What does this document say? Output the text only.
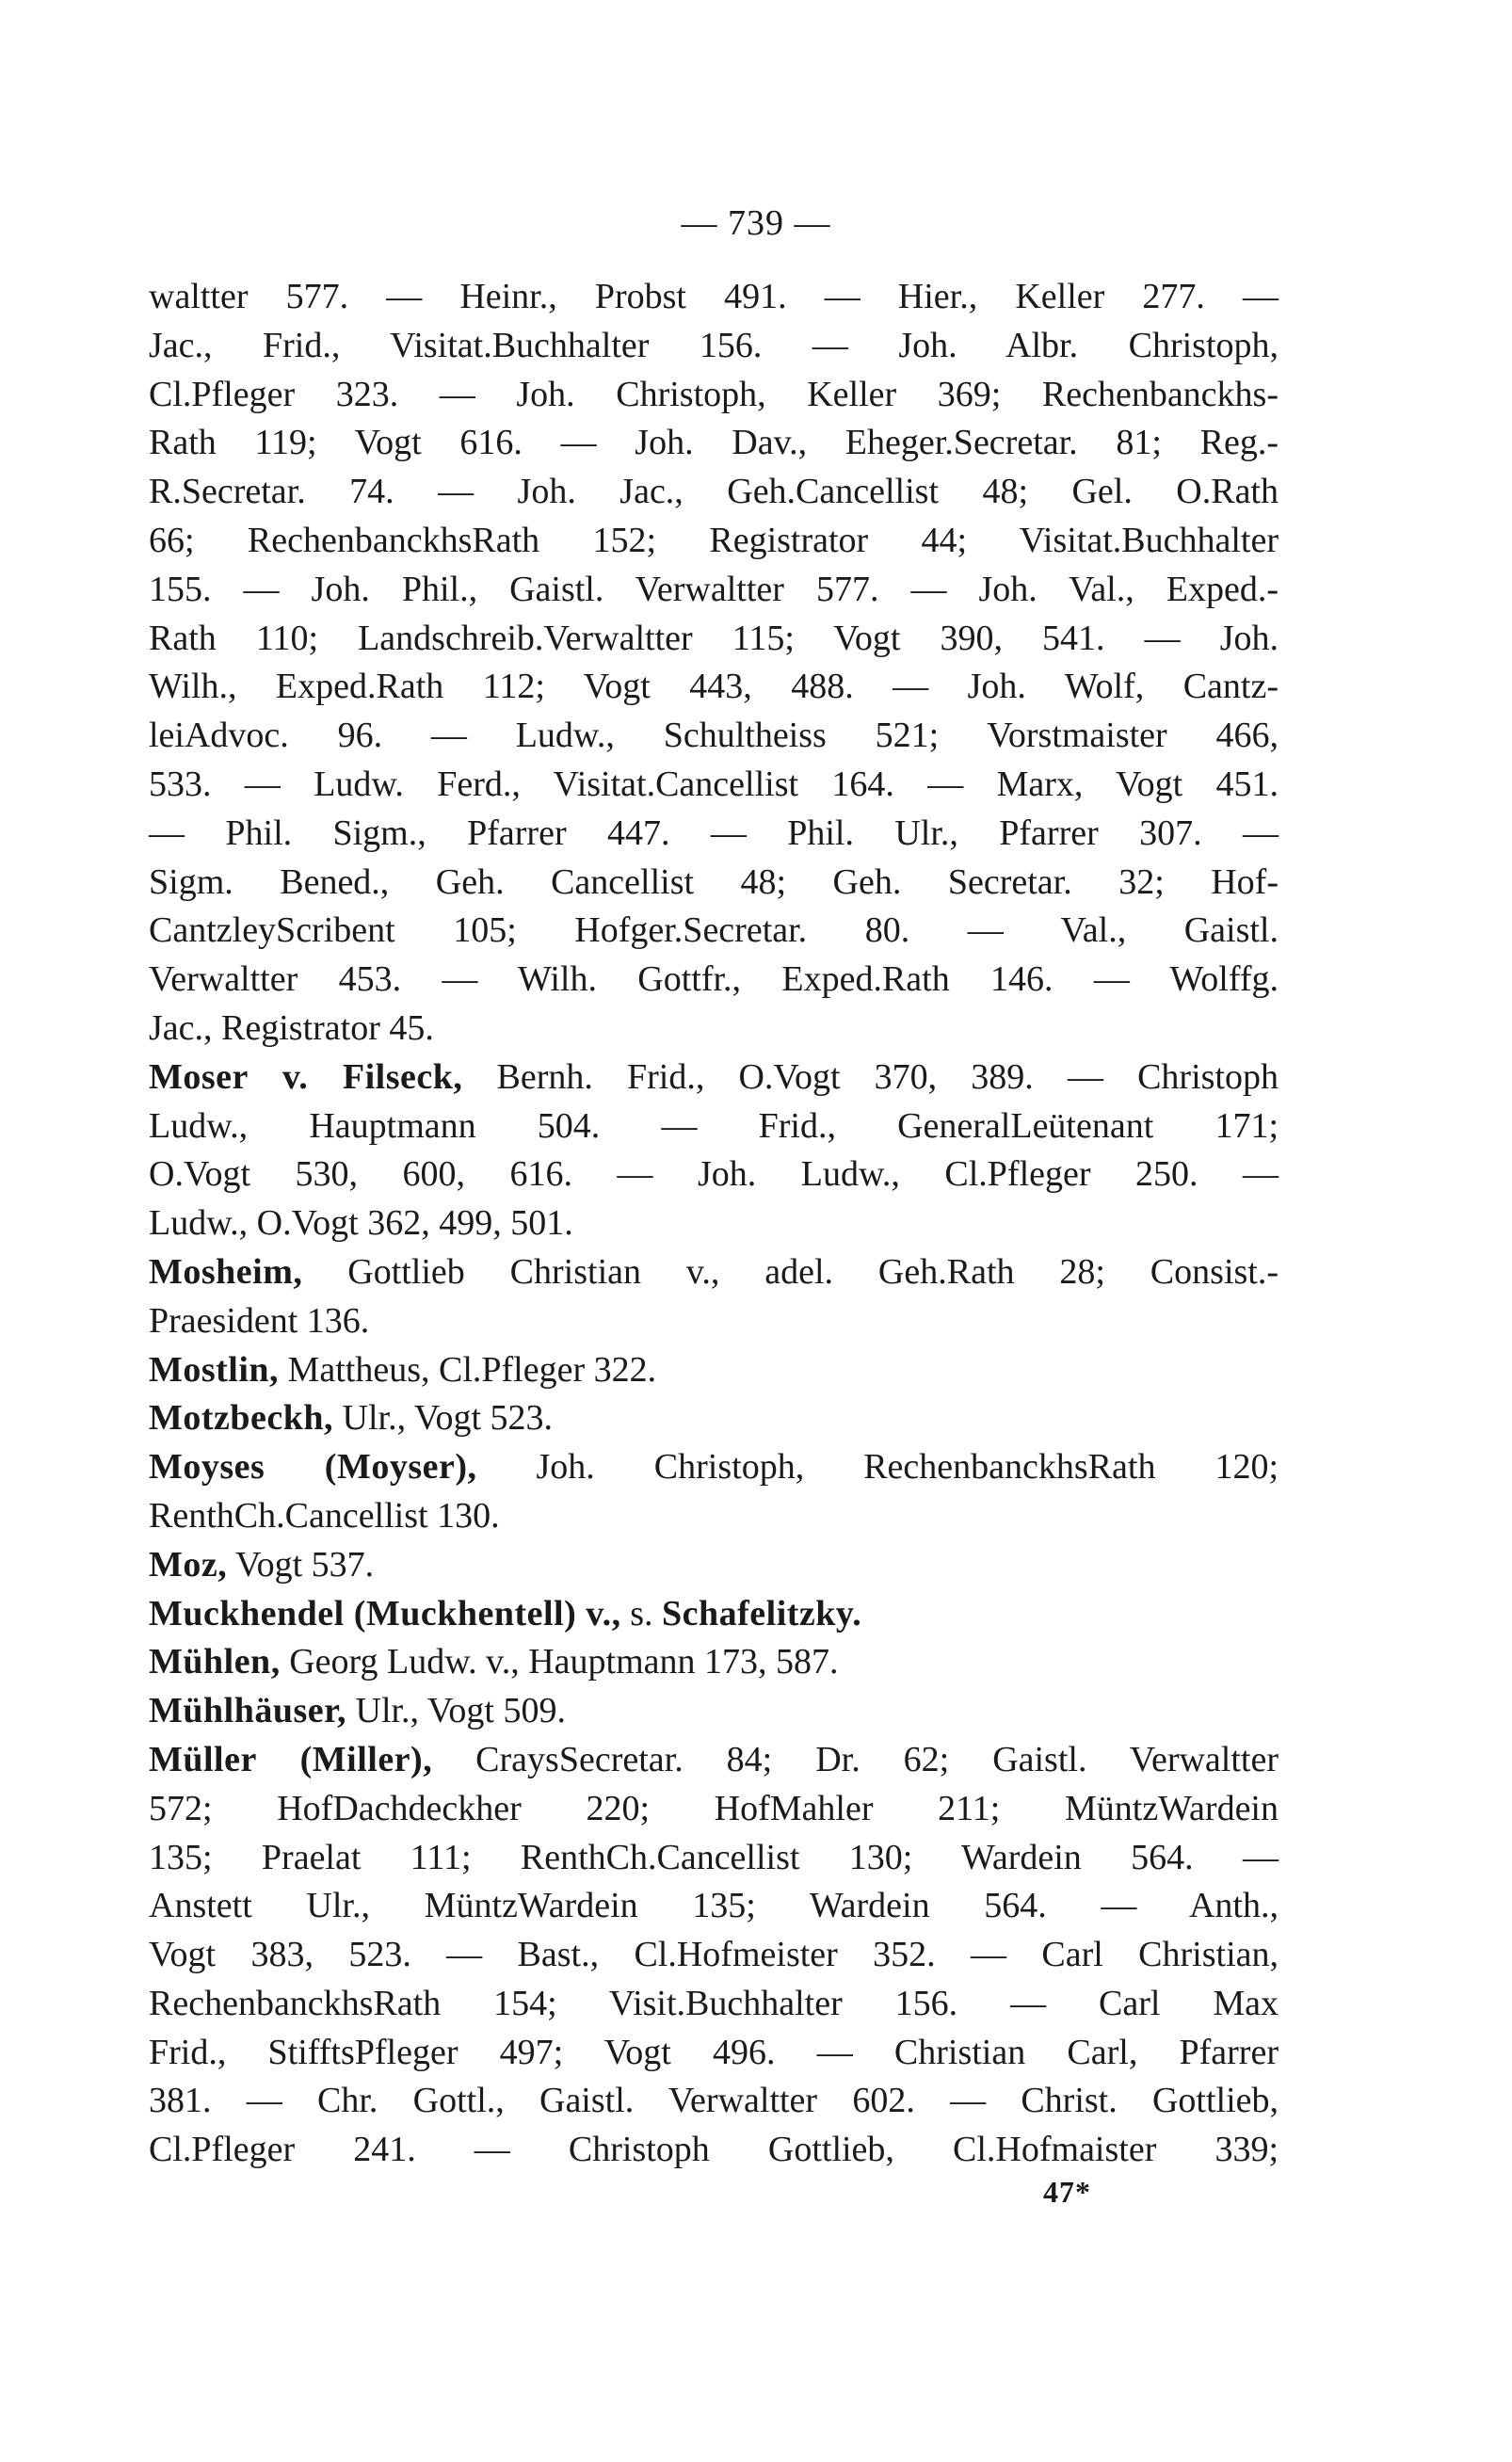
— 739 —
waltter 577. — Heinr., Probst 491. — Hier., Keller 277. —
Jac., Frid., Visitat.Buchhalter 156. — Joh. Albr. Christoph,
Cl.Pfleger 323. — Joh. Christoph, Keller 369; Rechenbanckhs-
Rath 119; Vogt 616. — Joh. Dav., Eheger.Secretar. 81; Reg.-
R.Secretar. 74. — Joh. Jac., Geh.Cancellist 48; Gel. O.Rath
66; RechenbanckhsRath 152; Registrator 44; Visitat.Buchhalter
155. — Joh. Phil., Gaistl. Verwaltter 577. — Joh. Val., Exped.-
Rath 110; Landschreib.Verwaltter 115; Vogt 390, 541. — Joh.
Wilh., Exped.Rath 112; Vogt 443, 488. — Joh. Wolf, Cantz-
leiAdvoc. 96. — Ludw., Schultheiss 521; Vorstmaister 466,
533. — Ludw. Ferd., Visitat.Cancellist 164. — Marx, Vogt 451.
— Phil. Sigm., Pfarrer 447. — Phil. Ulr., Pfarrer 307. —
Sigm. Bened., Geh. Cancellist 48; Geh. Secretar. 32; Hof-
CantzleyScribent 105; Hofger.Secretar. 80. — Val., Gaistl.
Verwaltter 453. — Wilh. Gottfr., Exped.Rath 146. — Wolffg.
Jac., Registrator 45.
Moser v. Filseck, Bernh. Frid., O.Vogt 370, 389. — Christoph
Ludw., Hauptmann 504. — Frid., GeneralLeütenant 171;
O.Vogt 530, 600, 616. — Joh. Ludw., Cl.Pfleger 250. —
Ludw., O.Vogt 362, 499, 501.
Mosheim, Gottlieb Christian v., adel. Geh.Rath 28; Consist.-
Praesident 136.
Mostlin, Mattheus, Cl.Pfleger 322.
Motzbeckh, Ulr., Vogt 523.
Moyses (Moyser), Joh. Christoph, RechenbanckhsRath 120;
RenthCh.Cancellist 130.
Moz, Vogt 537.
Muckhendel (Muckhentell) v., s. Schafelitzky.
Mühlen, Georg Ludw. v., Hauptmann 173, 587.
Mühlhäuser, Ulr., Vogt 509.
Müller (Miller), CraysSecretar. 84; Dr. 62; Gaistl. Verwaltter
572; HofDachdeckher 220; HofMahler 211; MüntzWardein
135; Praelat 111; RenthCh.Cancellist 130; Wardein 564. —
Anstett Ulr., MüntzWardein 135; Wardein 564. — Anth.,
Vogt 383, 523. — Bast., Cl.Hofmeister 352. — Carl Christian,
RechenbanckhsRath 154; Visit.Buchhalter 156. — Carl Max
Frid., StifftsPfleger 497; Vogt 496. — Christian Carl, Pfarrer
381. — Chr. Gottl., Gaistl. Verwaltter 602. — Christ. Gottlieb,
Cl.Pfleger 241. — Christoph Gottlieb, Cl.Hofmaister 339;
47*
